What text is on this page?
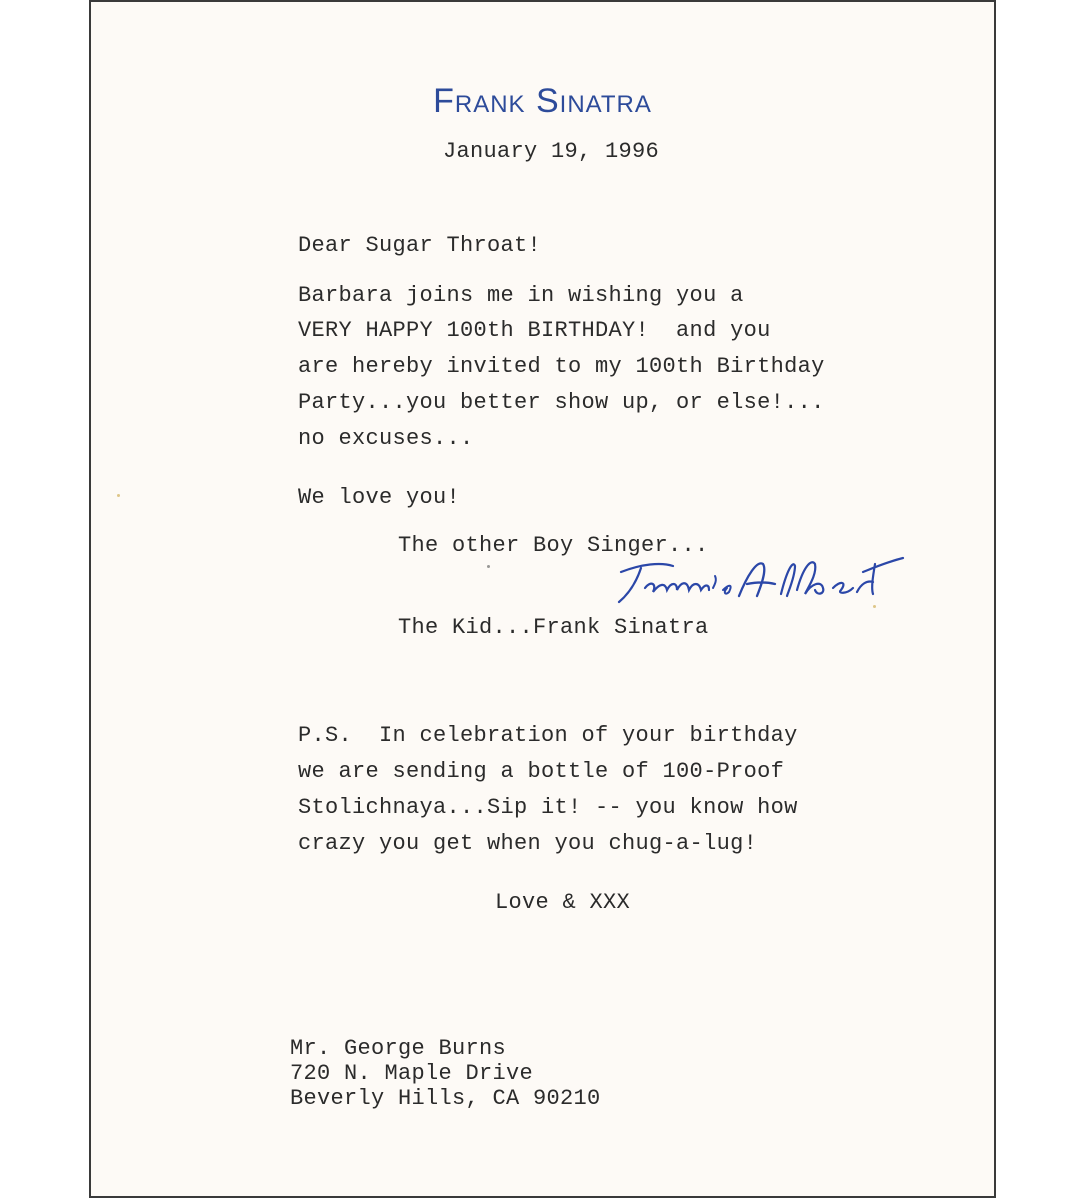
Frank Sinatra
January 19, 1996
Dear Sugar Throat!
Barbara joins me in wishing you a
VERY HAPPY 100th BIRTHDAY!  and you
are hereby invited to my 100th Birthday
Party...you better show up, or else!...
no excuses...
We love you!
The other Boy Singer...
The Kid...Frank Sinatra
P.S.  In celebration of your birthday
we are sending a bottle of 100-Proof
Stolichnaya...Sip it! -- you know how
crazy you get when you chug-a-lug!
Love & XXX
Mr. George Burns
720 N. Maple Drive
Beverly Hills, CA 90210
